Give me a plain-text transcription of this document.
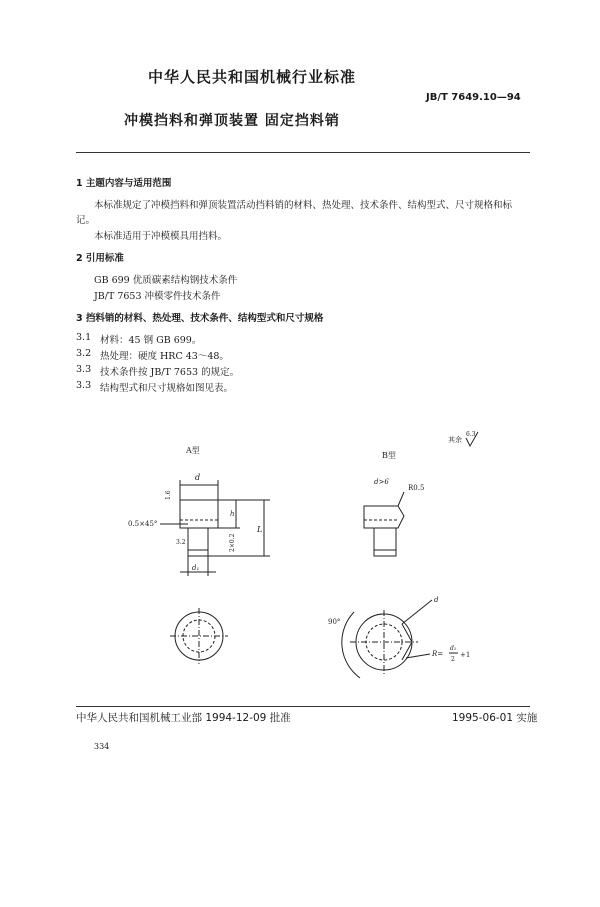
中华人民共和国机械行业标准
JB/T 7649.10—94
冲模挡料和弹顶装置 固定挡料销
1 主题内容与适用范围
本标准规定了冲模挡料和弹顶装置活动挡料销的材料、热处理、技术条件、结构型式、尺寸规格和标
记。
本标准适用于冲模模具用挡料。
2 引用标准
GB 699 优质碳素结构钢技术条件
JB/T 7653 冲模零件技术条件
3 挡料销的材料、热处理、技术条件、结构型式和尺寸规格
3.1 材料：45 钢 GB 699。
3.2 热处理：硬度 HRC 43～48。
3.3 技术条件按 JB/T 7653 的规定。
3.3 结构型式和尺寸规格如图见表。
其余
6.3
A型
d
1.6
3.2
0.5×45°
h
L
2×0.2
d₁
B型
d>6
R0.5
90°
d
R=
d₁
2
+1
中华人民共和国机械工业部 1994-12-09 批准	1995-06-01 实施
334
